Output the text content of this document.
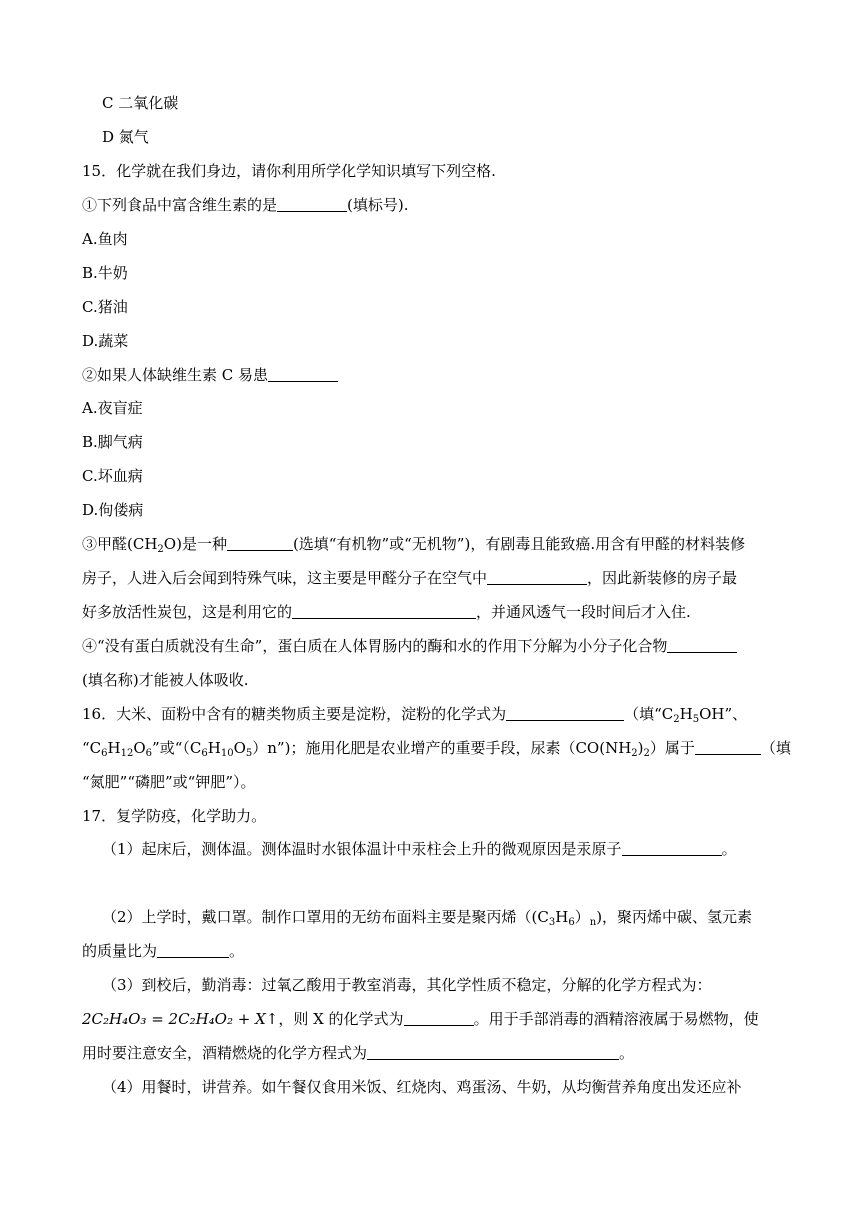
C 二氧化碳
D 氮气
15．化学就在我们身边，请你利用所学化学知识填写下列空格.
①下列食品中富含维生素的是	(填标号).
A.鱼肉
B.牛奶
C.猪油
D.蔬菜
②如果人体缺维生素 C 易患
A.夜盲症
B.脚气病
C.坏血病
D.佝偻病
③甲醛$(CH_2O)$是一种	(选填“有机物”或“无机物”)，有剧毒且能致癌.用含有甲醛的材料装修
房子，人进入后会闻到特殊气味，这主要是甲醛分子在空气中	，因此新装修的房子最
好多放活性炭包，这是利用它的	，并通风透气一段时间后才入住.
④“没有蛋白质就没有生命”，蛋白质在人体胃肠内的酶和水的作用下分解为小分子化合物
(填名称)才能被人体吸收.
16．大米、面粉中含有的糖类物质主要是淀粉，淀粉的化学式为	（填“$C_2H_5OH$”、
“$C_6H_{12}O_6$”或“$(C_6H_{10}O_5)n$”)；施用化肥是农业增产的重要手段，尿素$(CO(NH_2)_2)$属于	（填
“氮肥”“磷肥”或“钾肥”）。
17．复学防疫，化学助力。
（1）起床后，测体温。测体温时水银体温计中汞柱会上升的微观原因是汞原子	。
（2）上学时，戴口罩。制作口罩用的无纺布面料主要是聚丙烯$((C_3H_6)_n)$，聚丙烯中碳、氢元素
的质量比为	。
（3）到校后，勤消毒：过氧乙酸用于教室消毒，其化学性质不稳定，分解的化学方程式为：
2C₂H₄O₃ = 2C₂H₄O₂ + X↑，则 X 的化学式为	。用于手部消毒的酒精溶液属于易燃物，使
用时要注意安全，酒精燃烧的化学方程式为	。
（4）用餐时，讲营养。如午餐仅食用米饭、红烧肉、鸡蛋汤、牛奶，从均衡营养角度出发还应补
